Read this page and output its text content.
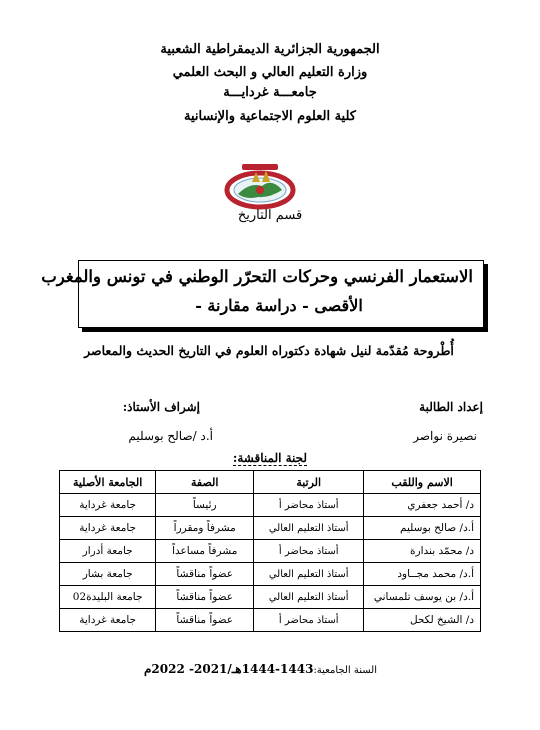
الجمهورية الجزائرية الديمقراطية الشعبية
وزارة التعليم العالي و البحث العلمي
جامعـــة غردايـــة
كلية العلوم الاجتماعية والإنسانية
قسم التاريخ
الاستعمار الفرنسي وحركات التحرّر الوطني في تونس والمغرب
الأقصى - دراسة مقارنة -
أُطْروحة مُقدّمة لنيل شهادة دكتوراه العلوم في التاريخ الحديث والمعاصر
إعداد الطالبة
نصيرة نواصر
إشراف الأستاذ:
أ.د /صالح بوسليم
لجنة المناقشة:
الاسم واللقب	الرتبة	الصفة	الجامعة الأصلية
د/ أحمد جعفري	أستاذ محاضر أ	رئيساً	جامعة غرداية
أ.د/ صالح بوسليم	أستاذ التعليم العالي	مشرفاً ومقرراً	جامعة غرداية
د/ محمّد بندارة	أستاذ محاضر أ	مشرفاً مساعداً	جامعة أدرار
أ.د/ محمد مجــاود	أستاذ التعليم العالي	عضواً مناقشاً	جامعة بشار
أ.د/ بن يوسف تلمساني	أستاذ التعليم العالي	عضواً مناقشاً	جامعة البليدة02
د/ الشيخ لكحل	أستاذ محاضر أ	عضواً مناقشاً	جامعة غرداية
السنة الجامعية:1443-1444هـ/2021- 2022م
